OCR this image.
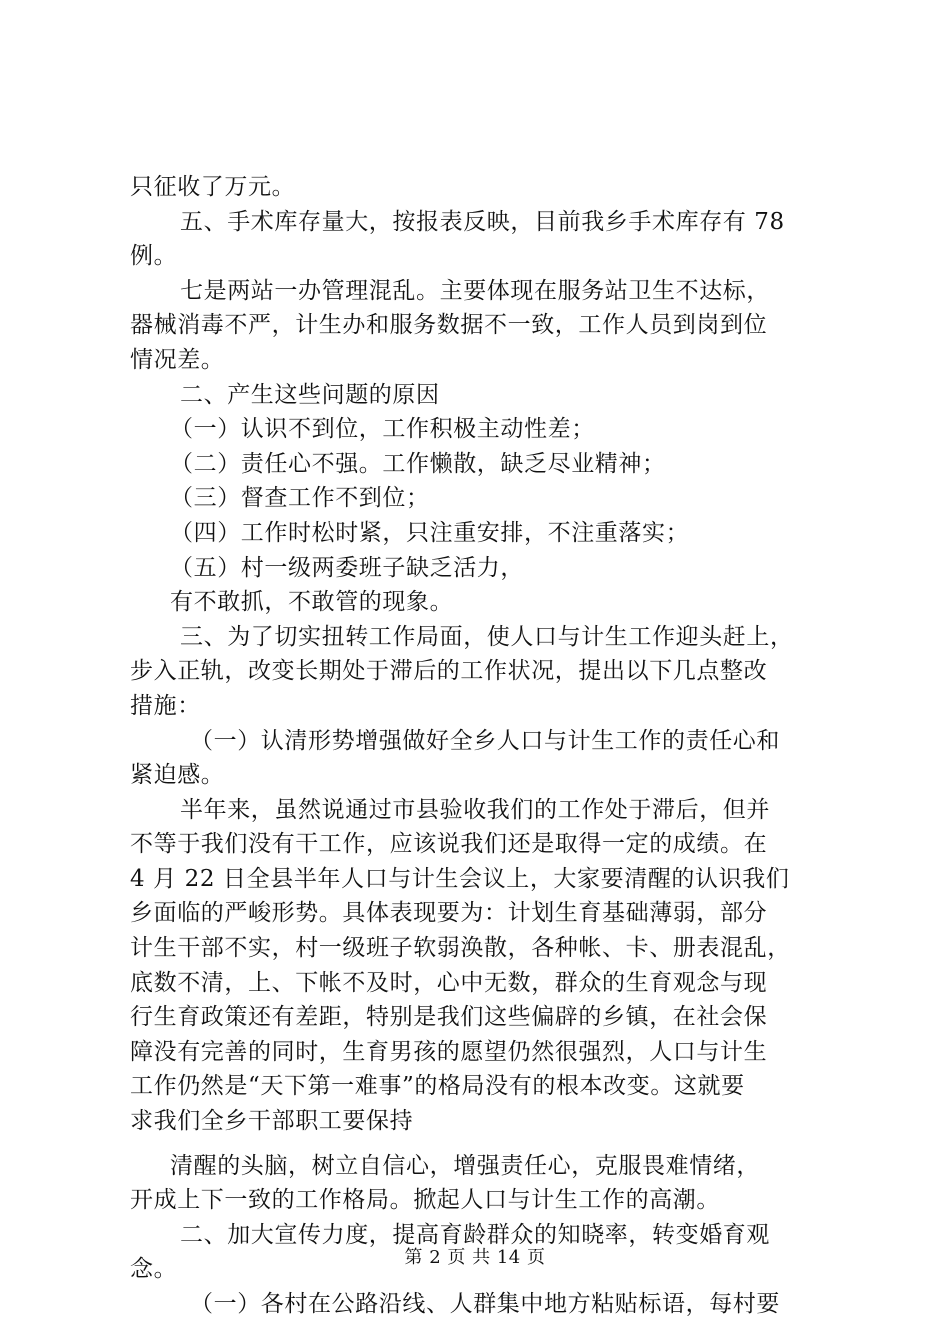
只征收了万元。
五、手术库存量大，按报表反映，目前我乡手术库存有 78
例。
七是两站一办管理混乱。主要体现在服务站卫生不达标，
器械消毒不严，计生办和服务数据不一致，工作人员到岗到位
情况差。
二、产生这些问题的原因
（一）认识不到位，工作积极主动性差；
（二）责任心不强。工作懒散，缺乏尽业精神；
（三）督查工作不到位；
（四）工作时松时紧，只注重安排，不注重落实；
（五）村一级两委班子缺乏活力，
有不敢抓，不敢管的现象。
三、为了切实扭转工作局面，使人口与计生工作迎头赶上，
步入正轨，改变长期处于滞后的工作状况，提出以下几点整改
措施：
（一）认清形势增强做好全乡人口与计生工作的责任心和
紧迫感。
半年来，虽然说通过市县验收我们的工作处于滞后，但并
不等于我们没有干工作，应该说我们还是取得一定的成绩。在
4 月 22 日全县半年人口与计生会议上，大家要清醒的认识我们
乡面临的严峻形势。具体表现要为：计划生育基础薄弱，部分
计生干部不实，村一级班子软弱涣散，各种帐、卡、册表混乱，
底数不清，上、下帐不及时，心中无数，群众的生育观念与现
行生育政策还有差距，特别是我们这些偏辟的乡镇，在社会保
障没有完善的同时，生育男孩的愿望仍然很强烈，人口与计生
工作仍然是“天下第一难事”的格局没有的根本改变。这就要
求我们全乡干部职工要保持
清醒的头脑，树立自信心，增强责任心，克服畏难情绪，
开成上下一致的工作格局。掀起人口与计生工作的高潮。
二、加大宣传力度，提高育龄群众的知晓率，转变婚育观
念。
（一）各村在公路沿线、人群集中地方粘贴标语，每村要
第 2 页 共 14 页
